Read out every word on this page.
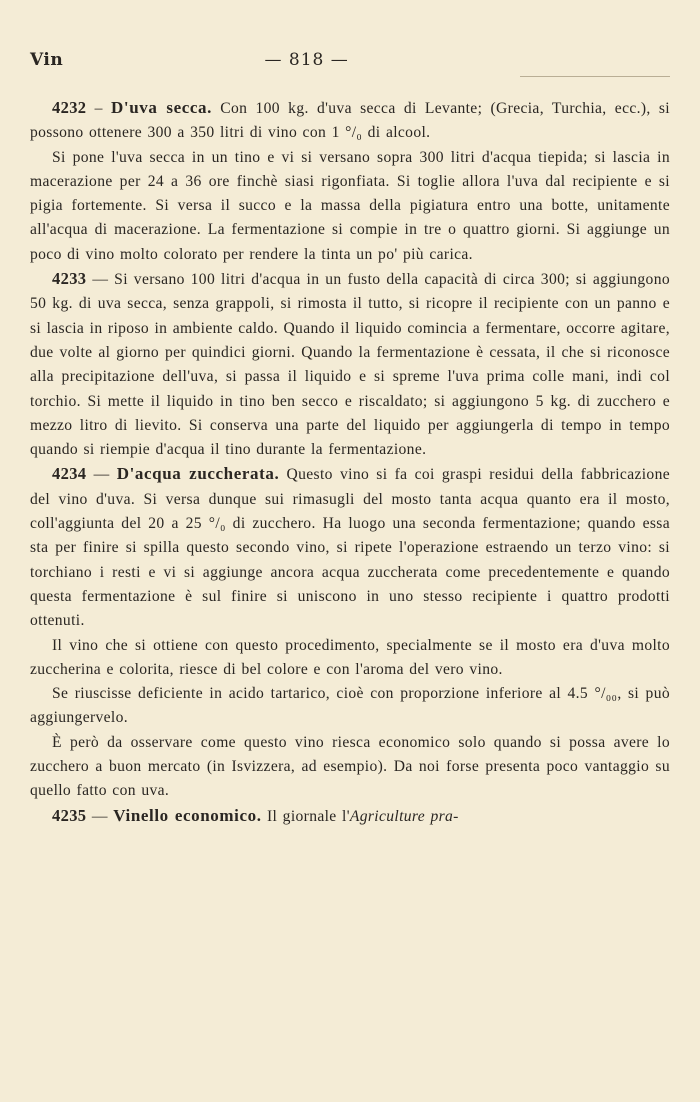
Vin	— 818 —

4232 – D'uva secca. Con 100 kg. d'uva secca di Levante; (Grecia, Turchia, ecc.), si possono ottenere 300 a 350 litri di vino con 1 °/₀ di alcool.

Si pone l'uva secca in un tino e vi si versano sopra 300 litri d'acqua tiepida; si lascia in macerazione per 24 a 36 ore finchè siasi rigonfiata. Si toglie allora l'uva dal recipiente e si pigia fortemente. Si versa il succo e la massa della pigiatura entro una botte, unitamente all'acqua di macerazione. La fermentazione si compie in tre o quattro giorni. Si aggiunge un poco di vino molto colorato per rendere la tinta un po' più carica.

4233 — Si versano 100 litri d'acqua in un fusto della capacità di circa 300; si aggiungono 50 kg. di uva secca, senza grappoli, si rimosta il tutto, si ricopre il recipiente con un panno e si lascia in riposo in ambiente caldo. Quando il liquido comincia a fermentare, occorre agitare, due volte al giorno per quindici giorni. Quando la fermentazione è cessata, il che si riconosce alla precipitazione dell'uva, si passa il liquido e si spreme l'uva prima colle mani, indi col torchio. Si mette il liquido in tino ben secco e riscaldato; si aggiungono 5 kg. di zucchero e mezzo litro di lievito. Si conserva una parte del liquido per aggiungerla di tempo in tempo quando si riempie d'acqua il tino durante la fermentazione.

4234 — D'acqua zuccherata. Questo vino si fa coi graspi residui della fabbricazione del vino d'uva. Si versa dunque sui rimasugli del mosto tanta acqua quanto era il mosto, coll'aggiunta del 20 a 25 °/₀ di zucchero. Ha luogo una seconda fermentazione; quando essa sta per finire si spilla questo secondo vino, si ripete l'operazione estraendo un terzo vino: si torchiano i resti e vi si aggiunge ancora acqua zuccherata come precedentemente e quando questa fermentazione è sul finire si uniscono in uno stesso recipiente i quattro prodotti ottenuti.

Il vino che si ottiene con questo procedimento, specialmente se il mosto era d'uva molto zuccherina e colorita, riesce di bel colore e con l'aroma del vero vino.

Se riuscisse deficiente in acido tartarico, cioè con proporzione inferiore al 4.5 °/₀₀, si può aggiungervelo.

È però da osservare come questo vino riesca economico solo quando si possa avere lo zucchero a buon mercato (in Isvizzera, ad esempio). Da noi forse presenta poco vantaggio su quello fatto con uva.

4235 — Vinello economico. Il giornale l'Agriculture pra-
